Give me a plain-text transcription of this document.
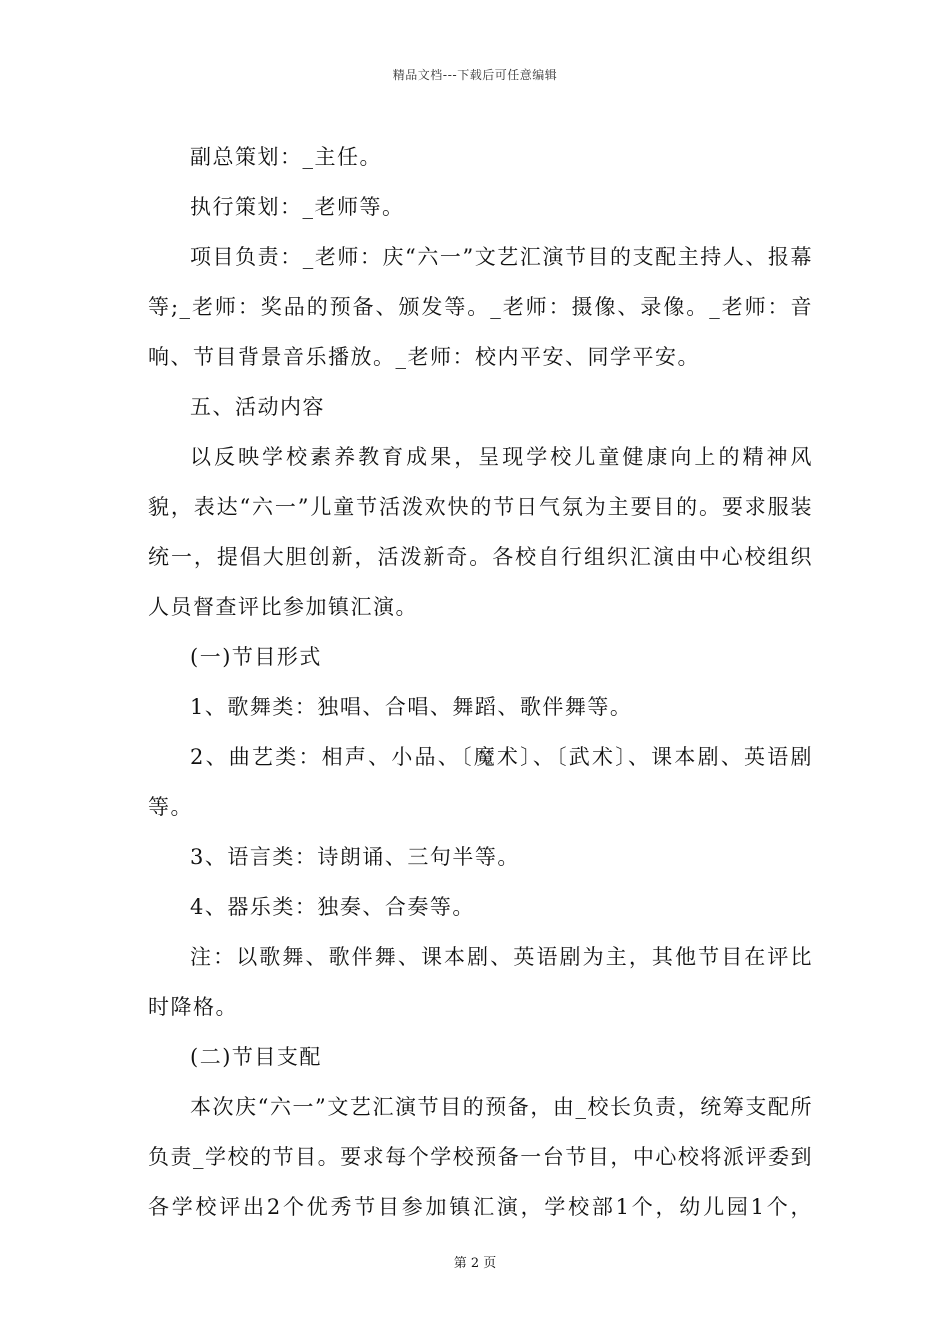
精品文档---下载后可任意编辑

副总策划：_主任。

执行策划：_老师等。

项目负责：_老师：庆“六一”文艺汇演节目的支配主持人、报幕等;_老师：奖品的预备、颁发等。_老师：摄像、录像。_老师：音响、节目背景音乐播放。_老师：校内平安、同学平安。

五、活动内容

以反映学校素养教育成果，呈现学校儿童健康向上的精神风貌，表达“六一”儿童节活泼欢快的节日气氛为主要目的。要求服装统一，提倡大胆创新，活泼新奇。各校自行组织汇演由中心校组织人员督查评比参加镇汇演。

(一)节目形式

1、歌舞类：独唱、合唱、舞蹈、歌伴舞等。

2、曲艺类：相声、小品、〔魔术〕、〔武术〕、课本剧、英语剧等。

3、语言类：诗朗诵、三句半等。

4、器乐类：独奏、合奏等。

注：以歌舞、歌伴舞、课本剧、英语剧为主，其他节目在评比时降格。

(二)节目支配

本次庆“六一”文艺汇演节目的预备，由_校长负责，统筹支配所负责_学校的节目。要求每个学校预备一台节目，中心校将派评委到各学校评出2个优秀节目参加镇汇演，学校部1个，幼儿园1个，

第 2 页
